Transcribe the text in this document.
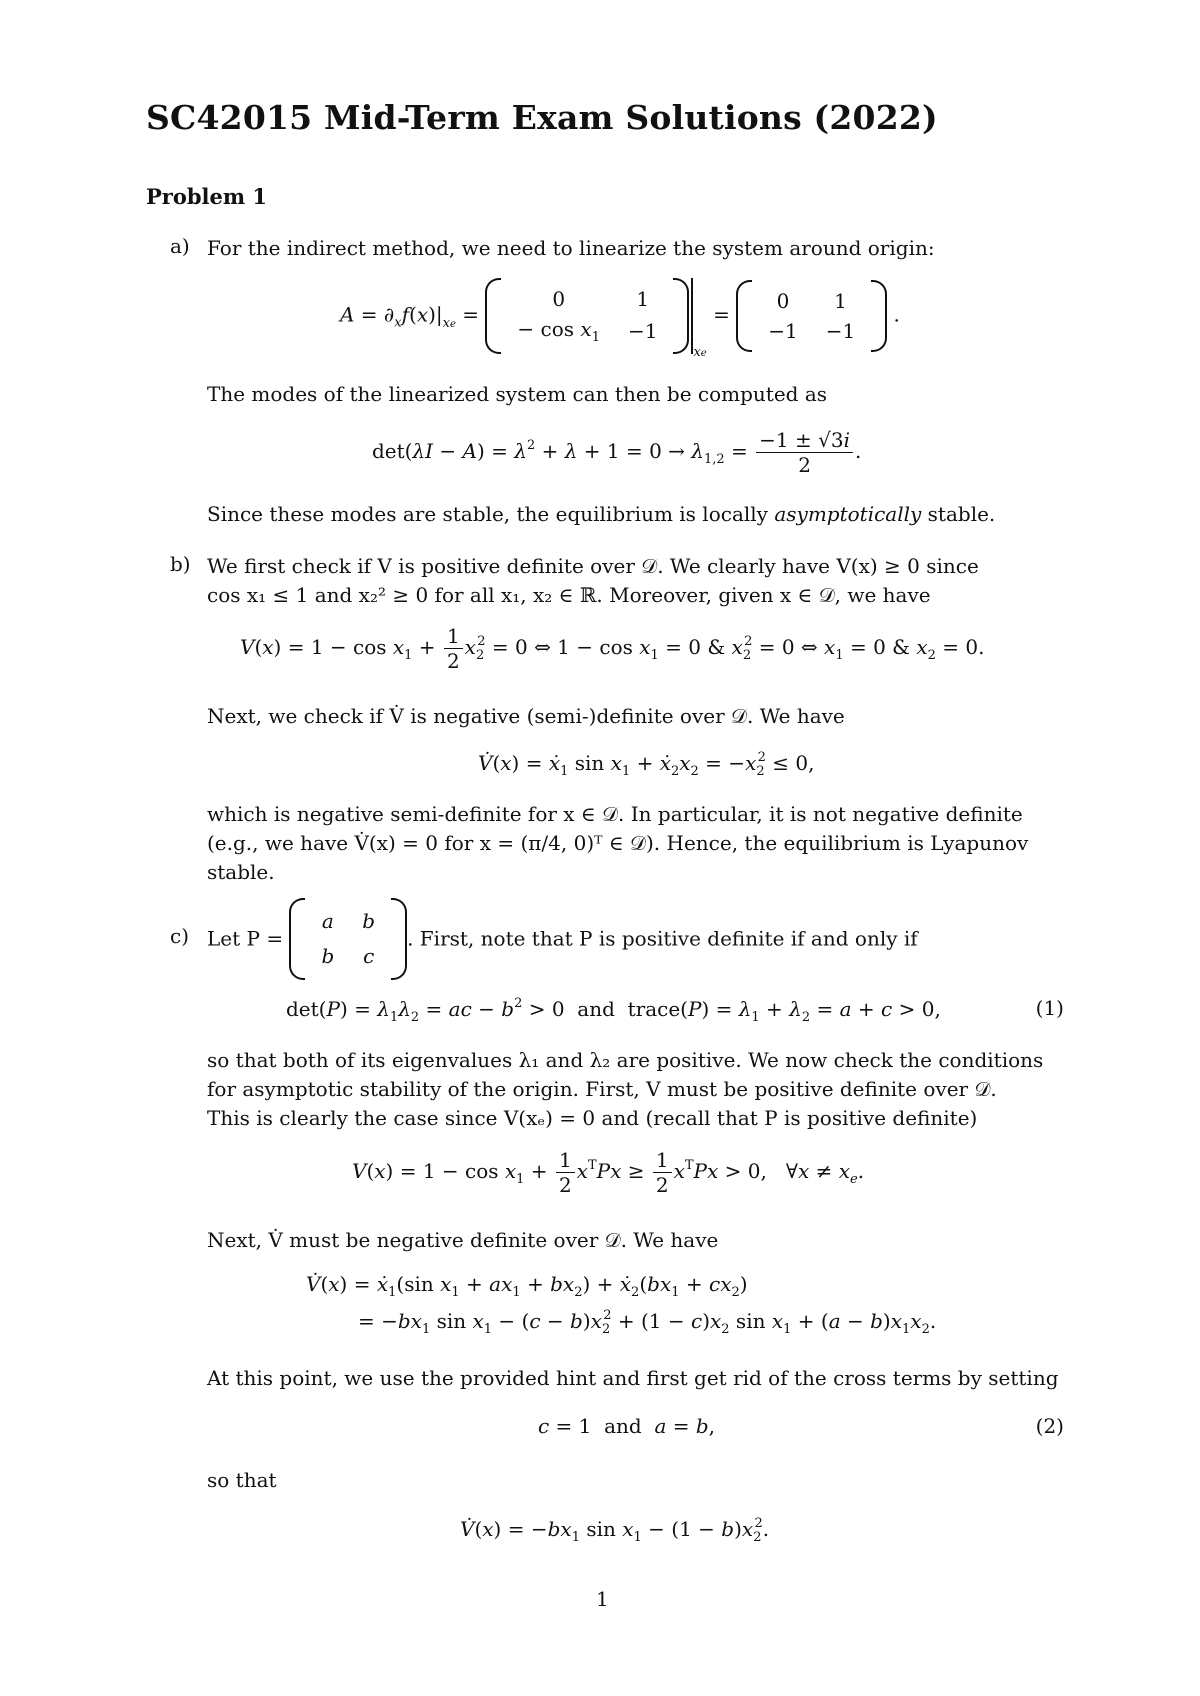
SC42015 Mid-Term Exam Solutions (2022)
Problem 1
a) For the indirect method, we need to linearize the system around origin:
$A = \partial_xf(x)|_{xe}$ =
0	1
− $\cos x_1$	−1
$_{xe}$ =
0	1
−1	−1
.
The modes of the linearized system can then be computed as
$\det(\lambda I - A) = \lambda^2 + \lambda + 1 = 0 \to \lambda_{1,2} = \frac{-1 \pm √3i}{2}$ .
Since these modes are stable, the equilibrium is locally asymptotically stable.
b) We first check if V is positive definite over 𝒟. We clearly have V(x) ≥ 0 since
cos x₁ ≤ 1 and x₂² ≥ 0 for all x₁, x₂ ∈ ℝ. Moreover, given x ∈ 𝒟, we have
$V(x) = 1 - \cos x_1 + \frac{1}{2} x_2^2 = 0$ ⇔ $1 - \cos x_1 = 0$ & $x_2^2 = 0$ ⇔ $x_1 = 0$ & $x_2 = 0$.
Next, we check if V̇ is negative (semi-)definite over 𝒟. We have
V̇(x) = ẋ$_1$ $\sin x_1$ + $ẋ_2x_2 = -x_2^2 \le 0$,
which is negative semi-definite for x ∈ 𝒟. In particular, it is not negative definite
(e.g., we have V̇(x) = 0 for x = (π/4, 0)ᵀ ∈ 𝒟). Hence, the equilibrium is Lyapunov
stable.
c) Let P =
a	b
b	c
. First, note that P is positive definite if and only if
$\det(P) = \lambda_1\lambda_2$ = ac − $b^2 > 0$  and  trace(P) = $\lambda_1 + \lambda_2 = a + c > 0$,	(1)
so that both of its eigenvalues λ₁ and λ₂ are positive. We now check the conditions
for asymptotic stability of the origin. First, V must be positive definite over 𝒟.
This is clearly the case since V(xₑ) = 0 and (recall that P is positive definite)
$V(x) = 1 - \cos x_1 + \frac{1}{2} x^TPx \ge \frac{1}{2} x^TPx > 0$,   ∀x ≠ $x_e$.
Next, V̇ must be negative definite over 𝒟. We have
V̇(x) = ẋ$_1$(sin $x_1 + ax_1 + bx_2$) + $ẋ_2(bx_1 + cx_2)$
= $-bx_1$ $\sin x_1 - (c - b)x_2^2 + (1 - c)x_2$ $\sin x_1 + (a - b)x_1x_2$.
At this point, we use the provided hint and first get rid of the cross terms by setting
c = 1  and  a = b,	(2)
so that
V̇(x) = $-bx_1$ $\sin x_1 - (1 - b)x_2^2$.
1
